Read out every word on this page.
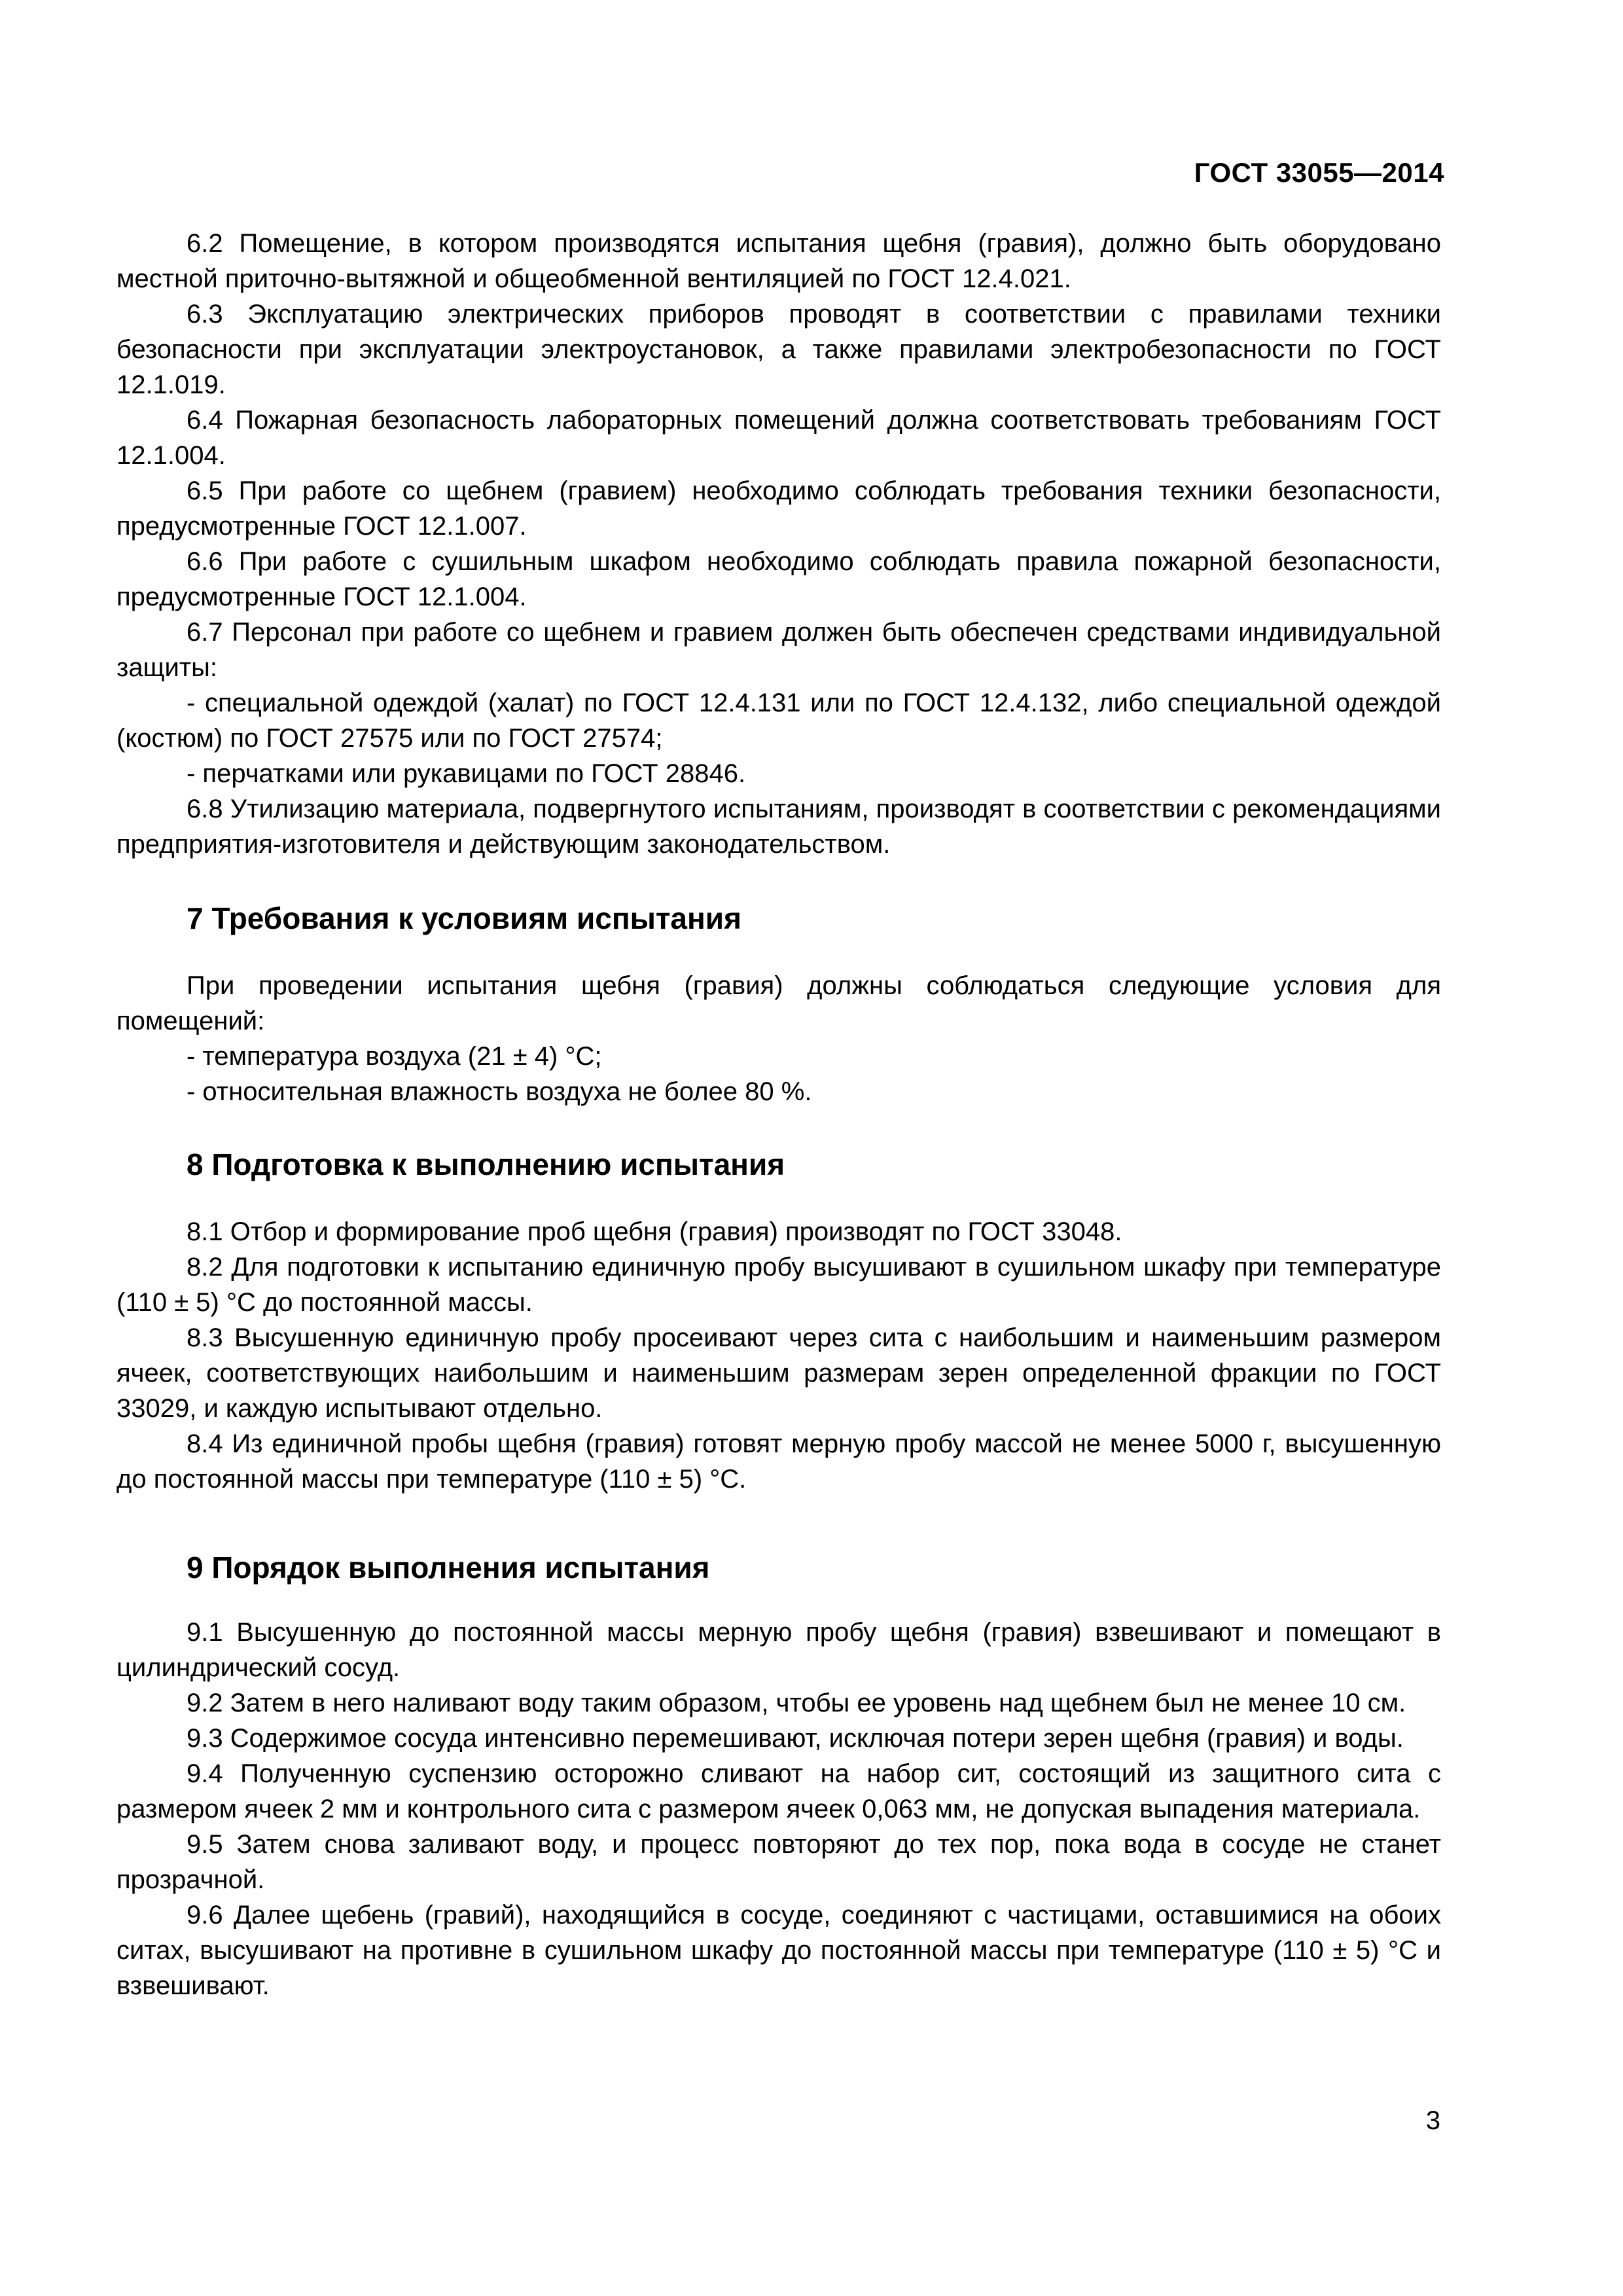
ГОСТ 33055—2014

6.2 Помещение, в котором производятся испытания щебня (гравия), должно быть оборудовано местной приточно-вытяжной и общеобменной вентиляцией по ГОСТ 12.4.021.

6.3 Эксплуатацию электрических приборов проводят в соответствии с правилами техники безопасности при эксплуатации электроустановок, а также правилами электробезопасности по ГОСТ 12.1.019.

6.4 Пожарная безопасность лабораторных помещений должна соответствовать требованиям ГОСТ 12.1.004.

6.5 При работе со щебнем (гравием) необходимо соблюдать требования техники безопасности, предусмотренные ГОСТ 12.1.007.

6.6 При работе с сушильным шкафом необходимо соблюдать правила пожарной безопасности, предусмотренные ГОСТ 12.1.004.

6.7 Персонал при работе со щебнем и гравием должен быть обеспечен средствами индивидуальной защиты:

- специальной одеждой (халат) по ГОСТ 12.4.131 или по ГОСТ 12.4.132, либо специальной одеждой (костюм) по ГОСТ 27575 или по ГОСТ 27574;

- перчатками или рукавицами по ГОСТ 28846.

6.8 Утилизацию материала, подвергнутого испытаниям, производят в соответствии с рекомендациями предприятия-изготовителя и действующим законодательством.

7 Требования к условиям испытания

При проведении испытания щебня (гравия) должны соблюдаться следующие условия для помещений:

- температура воздуха (21 ± 4) °С;

- относительная влажность воздуха не более 80 %.

8 Подготовка к выполнению испытания

8.1 Отбор и формирование проб щебня (гравия) производят по ГОСТ 33048.

8.2 Для подготовки к испытанию единичную пробу высушивают в сушильном шкафу при температуре (110 ± 5) °С до постоянной массы.

8.3 Высушенную единичную пробу просеивают через сита с наибольшим и наименьшим размером ячеек, соответствующих наибольшим и наименьшим размерам зерен определенной фракции по ГОСТ 33029, и каждую испытывают отдельно.

8.4 Из единичной пробы щебня (гравия) готовят мерную пробу массой не менее 5000 г, высушенную до постоянной массы при температуре (110 ± 5) °С.

9 Порядок выполнения испытания

9.1 Высушенную до постоянной массы мерную пробу щебня (гравия) взвешивают и помещают в цилиндрический сосуд.

9.2 Затем в него наливают воду таким образом, чтобы ее уровень над щебнем был не менее 10 см.

9.3 Содержимое сосуда интенсивно перемешивают, исключая потери зерен щебня (гравия) и воды.

9.4 Полученную суспензию осторожно сливают на набор сит, состоящий из защитного сита с размером ячеек 2 мм и контрольного сита с размером ячеек 0,063 мм, не допуская выпадения материала.

9.5 Затем снова заливают воду, и процесс повторяют до тех пор, пока вода в сосуде не станет прозрачной.

9.6 Далее щебень (гравий), находящийся в сосуде, соединяют с частицами, оставшимися на обоих ситах, высушивают на противне в сушильном шкафу до постоянной массы при температуре (110 ± 5) °С и взвешивают.

3
